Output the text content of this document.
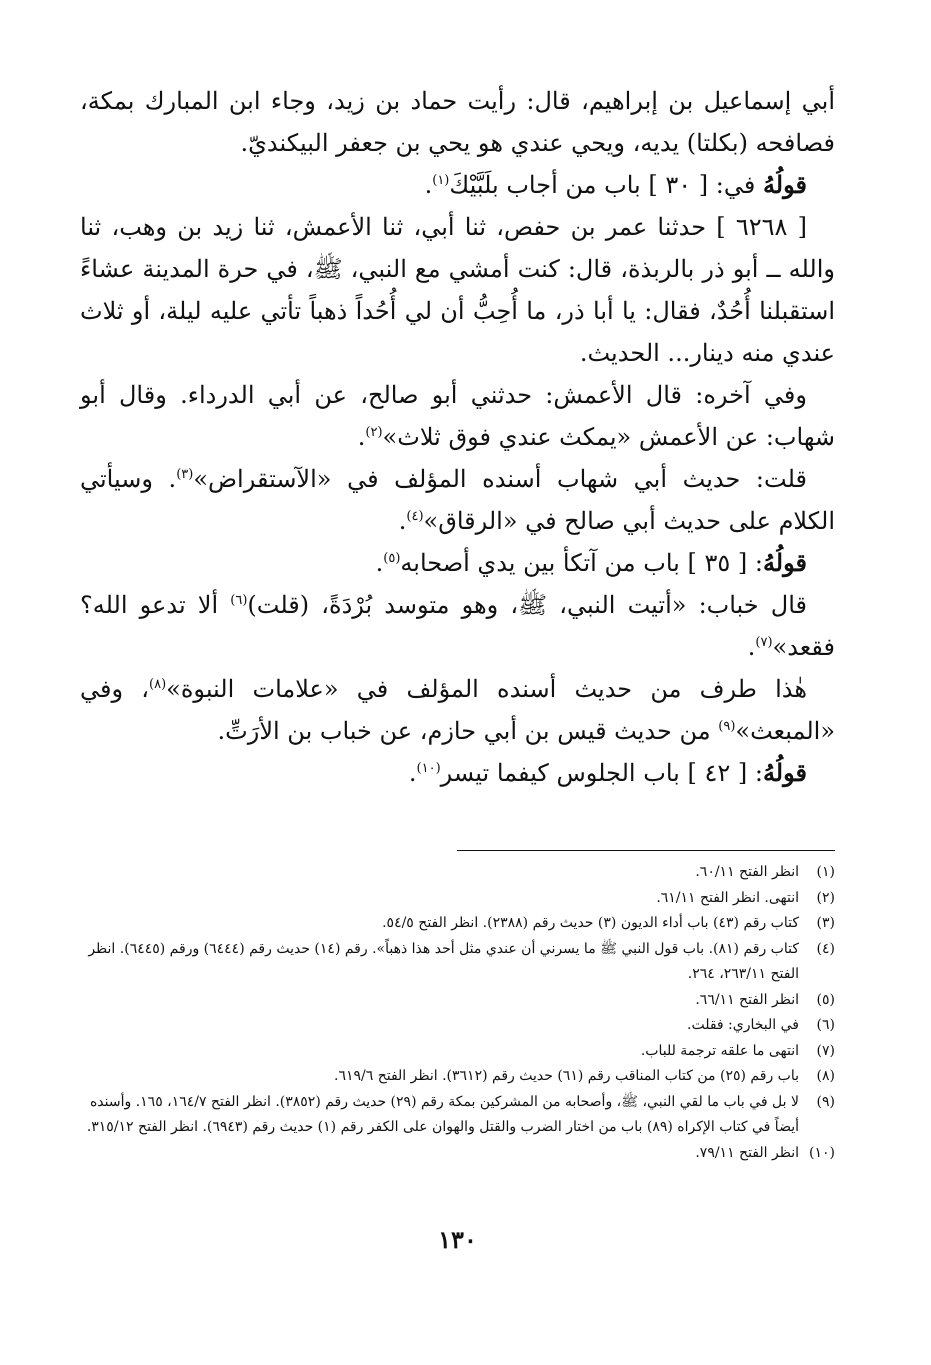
أبي إسماعيل بن إبراهيم، قال: رأيت حماد بن زيد، وجاء ابن المبارك بمكة، فصافحه (بكلتا) يديه، ويحي عندي هو يحي بن جعفر البيكنديّ.

قولُهُ في: [ ٣٠ ] باب من أجاب بلَبَّيْكَ$^{(١)}$.

[ ٦٢٦٨ ] حدثنا عمر بن حفص، ثنا أبي، ثنا الأعمش، ثنا زيد بن وهب، ثنا والله ــ أبو ذر بالربذة، قال: كنت أمشي مع النبي، ﷺ، في حرة المدينة عشاءً استقبلنا أُحُدٌ، فقال: يا أبا ذر، ما أُحِبُّ أن لي أُحُداً ذهباً تأتي عليه ليلة، أو ثلاث عندي منه دينار... الحديث.

وفي آخره: قال الأعمش: حدثني أبو صالح، عن أبي الدرداء. وقال أبو شهاب: عن الأعمش «يمكث عندي فوق ثلاث»$^{(٢)}$.

قلت: حديث أبي شهاب أسنده المؤلف في «الآستقراض»$^{(٣)}$. وسيأتي الكلام على حديث أبي صالح في «الرقاق»$^{(٤)}$.

قولُهُ: [ ٣٥ ] باب من آتكأ بين يدي أصحابه$^{(٥)}$.

قال خباب: «أتيت النبي، ﷺ، وهو متوسد بُرْدَةً، (قلت)$^{(٦)}$ ألا تدعو الله؟ فقعد»$^{(٧)}$.

هٰذا طرف من حديث أسنده المؤلف في «علامات النبوة»$^{(٨)}$، وفي «المبعث»$^{(٩)}$ من حديث قيس بن أبي حازم، عن خباب بن الأرَتِّ.

قولُهُ: [ ٤٢ ] باب الجلوس كيفما تيسر$^{(١٠)}$.

(١)
انظر الفتح ٦٠/١١.
(٢)
انتهى. انظر الفتح ٦١/١١.
(٣)
كتاب رقم (٤٣) باب أداء الديون (٣) حديث رقم (٢٣٨٨). انظر الفتح ٥٤/٥.
(٤)
كتاب رقم (٨١). باب قول النبي ﷺ ما يسرني أن عندي مثل أحد هذا ذهباً». رقم (١٤) حديث رقم (٦٤٤٤) ورقم (٦٤٤٥). انظر الفتح ٢٦٣/١١، ٢٦٤.
(٥)
انظر الفتح ٦٦/١١.
(٦)
في البخاري: فقلت.
(٧)
انتهى ما علقه ترجمة للباب.
(٨)
باب رقم (٢٥) من كتاب المناقب رقم (٦١) حديث رقم (٣٦١٢). انظر الفتح ٦١٩/٦.
(٩)
لا بل في باب ما لقي النبي، ﷺ، وأصحابه من المشركين بمكة رقم (٢٩) حديث رقم (٣٨٥٢). انظر الفتح ١٦٤/٧، ١٦٥. وأسنده أيضاً في كتاب الإكراه (٨٩) باب من اختار الضرب والقتل والهوان على الكفر رقم (١) حديث رقم (٦٩٤٣). انظر الفتح ٣١٥/١٢.
(١٠)
انظر الفتح ٧٩/١١.
١٣٠
